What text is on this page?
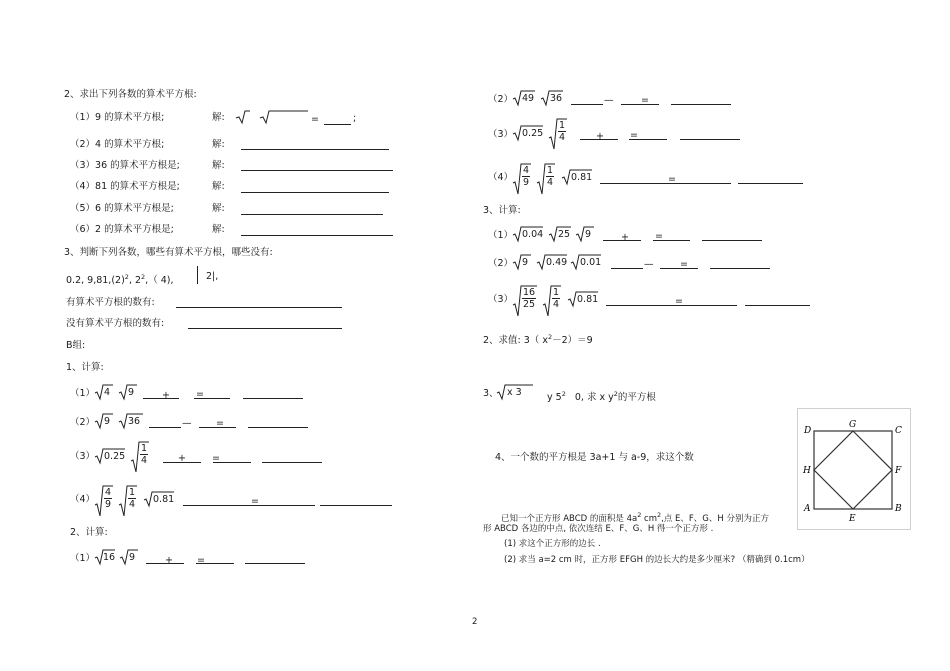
2、求出下列各数的算术平方根:
（1）9 的算术平方根;	解:	=	;
（2）4 的算术平方根;	解:
（3）36 的算术平方根是;	解:
（4）81 的算术平方根是;	解:
（5）6 的算术平方根是;	解:
（6）2 的算术平方根是;	解:
3、判断下列各数，哪些有算术平方根，哪些没有:
0.2, $9,81,(2)^2$, $2^2$,（ 4),	2|,
有算术平方根的数有:
没有算术平方根的数有:
B组:
1、计算:
（1） 4 9	+	=
（2） 9 36	—	=
（3） $0.25 \frac{1}{4}$	+	=
$(4) \frac{4}{9} \frac{1}{4} 0.81$	=
2、计算:
（1） 16 9	+	=
（2） 49 36	—	=
（3） $0.25 \frac{1}{4}$	+	=
$(4) \frac{4}{9} \frac{1}{4} 0.81$	=
3、计算:
（1） 0.04 25 9	+	=
（2） 9 0.49 0.01	—	=
$(3) \frac{16}{25} \frac{1}{4} 0.81$	=
2、求值: 3（ $x^2-2)=9$
3、 x 3	y $5^2$ 0, 求 x $y^2$的平方根
4、一个数的平方根是 3a+1 与 a-9，求这个数
已知一个正方形 ABCD 的面积是 $4a^2$ $cm^2$,点 E、F、G、H 分别为正方
形 ABCD 各边的中点, 依次连结 E、F、G、H 得一个正方形 .
(1) 求这个正方形的边长 .
(2) 求当 a=2 cm 时，正方形 EFGH 的边长大约是多少厘米? （精确到 0.1cm）
D
G
C
H	F
A
E
B
2
